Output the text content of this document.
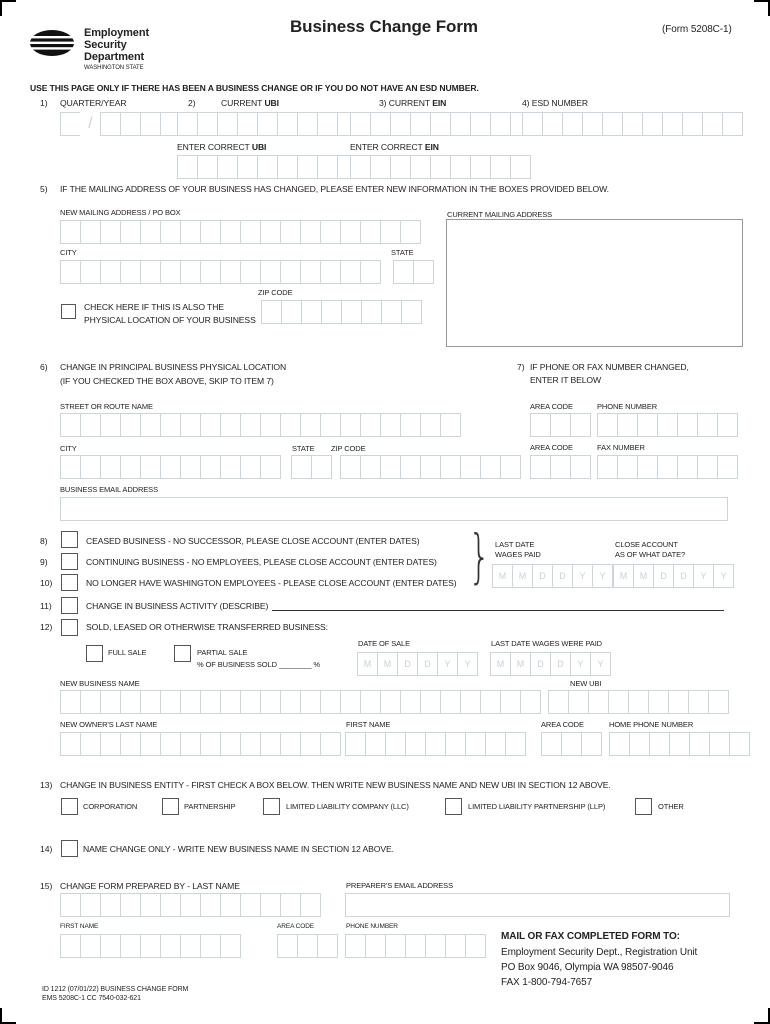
Employment
Security
Department
WASHINGTON STATE
Business Change Form	(Form 5208C-1)
USE THIS PAGE ONLY IF THERE HAS BEEN A BUSINESS CHANGE OR IF YOU DO NOT HAVE AN ESD NUMBER.
1) QUARTER/YEAR	2)	CURRENT UBI	3) CURRENT EIN	4) ESD NUMBER
/
ENTER CORRECT UBI	ENTER CORRECT EIN
5) IF THE MAILING ADDRESS OF YOUR BUSINESS HAS CHANGED, PLEASE ENTER NEW INFORMATION IN THE BOXES PROVIDED BELOW.
NEW MAILING ADDRESS / PO BOX	CURRENT MAILING ADDRESS
CITY	STATE
ZIP CODE
CHECK HERE IF THIS IS ALSO THE
PHYSICAL LOCATION OF YOUR BUSINESS
6) CHANGE IN PRINCIPAL BUSINESS PHYSICAL LOCATION
(IF YOU CHECKED THE BOX ABOVE, SKIP TO ITEM 7)
7) IF PHONE OR FAX NUMBER CHANGED,
ENTER IT BELOW
STREET OR ROUTE NAME	AREA CODE	PHONE NUMBER
CITY	STATE ZIP CODE	AREA CODE	FAX NUMBER
BUSINESS EMAIL ADDRESS
8)	CEASED BUSINESS - NO SUCCESSOR, PLEASE CLOSE ACCOUNT (ENTER DATES)
9)	CONTINUING BUSINESS - NO EMPLOYEES, PLEASE CLOSE ACCOUNT (ENTER DATES)
10)	NO LONGER HAVE WASHINGTON EMPLOYEES - PLEASE CLOSE ACCOUNT (ENTER DATES) } LAST DATE
WAGES PAID
CLOSE ACCOUNT
AS OF WHAT DATE?
M	M	D	D	Y	Y	M	M	D	D	Y	Y
11)	CHANGE IN BUSINESS ACTIVITY (DESCRIBE)
12)	SOLD, LEASED OR OTHERWISE TRANSFERRED BUSINESS:
DATE OF SALE	LAST DATE WAGES WERE PAID
FULL SALE	PARTIAL SALE
% OF BUSINESS SOLD ________ %	M	M	D	D	Y	Y	M	M	D	D	Y	Y
NEW BUSINESS NAME	NEW UBI
NEW OWNER'S LAST NAME	FIRST NAME	AREA CODE	HOME PHONE NUMBER
13) CHANGE IN BUSINESS ENTITY - FIRST CHECK A BOX BELOW. THEN WRITE NEW BUSINESS NAME AND NEW UBI IN SECTION 12 ABOVE.
CORPORATION	PARTNERSHIP	LIMITED LIABILITY COMPANY (LLC)	LIMITED LIABILITY PARTNERSHIP (LLP)	OTHER
14)	NAME CHANGE ONLY - WRITE NEW BUSINESS NAME IN SECTION 12 ABOVE.
15) CHANGE FORM PREPARED BY - LAST NAME	PREPARER'S EMAIL ADDRESS
FIRST NAME	AREA CODE	PHONE NUMBER
MAIL OR FAX COMPLETED FORM TO:
Employment Security Dept., Registration Unit
PO Box 9046, Olympia WA 98507-9046
FAX 1-800-794-7657
ID 1212 (07/01/22) BUSINESS CHANGE FORM
EMS 5208C-1 CC 7540-032-621
